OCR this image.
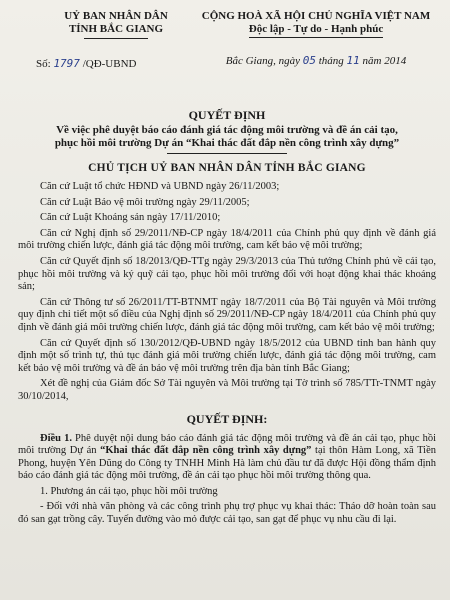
UỶ BAN NHÂN DÂN
TỈNH BẮC GIANG
Số: 1797 /QĐ-UBND
CỘNG HOÀ XÃ HỘI CHỦ NGHĨA VIỆT NAM
Độc lập - Tự do - Hạnh phúc
Bắc Giang, ngày 05 tháng 11 năm 2014
QUYẾT ĐỊNH
Về việc phê duyệt báo cáo đánh giá tác động môi trường và đề án cải tạo,
phục hồi môi trường Dự án “Khai thác đất đắp nền công trình xây dựng”
CHỦ TỊCH UỶ BAN NHÂN DÂN TỈNH BẮC GIANG

Căn cứ Luật tổ chức HĐND và UBND ngày 26/11/2003;

Căn cứ Luật Bảo vệ môi trường ngày 29/11/2005;

Căn cứ Luật Khoáng sản ngày 17/11/2010;

Căn cứ Nghị định số 29/2011/NĐ-CP ngày 18/4/2011 của Chính phủ quy định về đánh giá môi trường chiến lược, đánh giá tác động môi trường, cam kết bảo vệ môi trường;

Căn cứ Quyết định số 18/2013/QĐ-TTg ngày 29/3/2013 của Thủ tướng Chính phủ về cải tạo, phục hồi môi trường và ký quỹ cải tạo, phục hồi môi trường đối với hoạt động khai thác khoáng sản;

Căn cứ Thông tư số 26/2011/TT-BTNMT ngày 18/7/2011 của Bộ Tài nguyên và Môi trường quy định chi tiết một số điều của Nghị định số 29/2011/NĐ-CP ngày 18/4/2011 của Chính phủ quy định về đánh giá môi trường chiến lược, đánh giá tác động môi trường, cam kết bảo vệ môi trường;

Căn cứ Quyết định số 130/2012/QĐ-UBND ngày 18/5/2012 của UBND tỉnh ban hành quy định một số trình tự, thủ tục đánh giá môi trường chiến lược, đánh giá tác động môi trường, cam kết bảo vệ môi trường và đề án bảo vệ môi trường trên địa bàn tỉnh Bắc Giang;

Xét đề nghị của Giám đốc Sở Tài nguyên và Môi trường tại Tờ trình số 785/TTr-TNMT ngày 30/10/2014,

QUYẾT ĐỊNH:

Điều 1. Phê duyệt nội dung báo cáo đánh giá tác động môi trường và đề án cải tạo, phục hồi môi trường Dự án “Khai thác đất đắp nền công trình xây dựng” tại thôn Hàm Long, xã Tiền Phong, huyện Yên Dũng do Công ty TNHH Minh Hà làm chủ đầu tư đã được Hội đồng thẩm định báo cáo đánh giá tác động môi trường, đề án cải tạo phục hồi môi trường thông qua.

1. Phương án cải tạo, phục hồi môi trường

- Đối với nhà văn phòng và các công trình phụ trợ phục vụ khai thác: Tháo dỡ hoàn toàn sau đó san gạt trồng cây. Tuyến đường vào mỏ được cải tạo, san gạt để phục vụ nhu cầu đi lại.
